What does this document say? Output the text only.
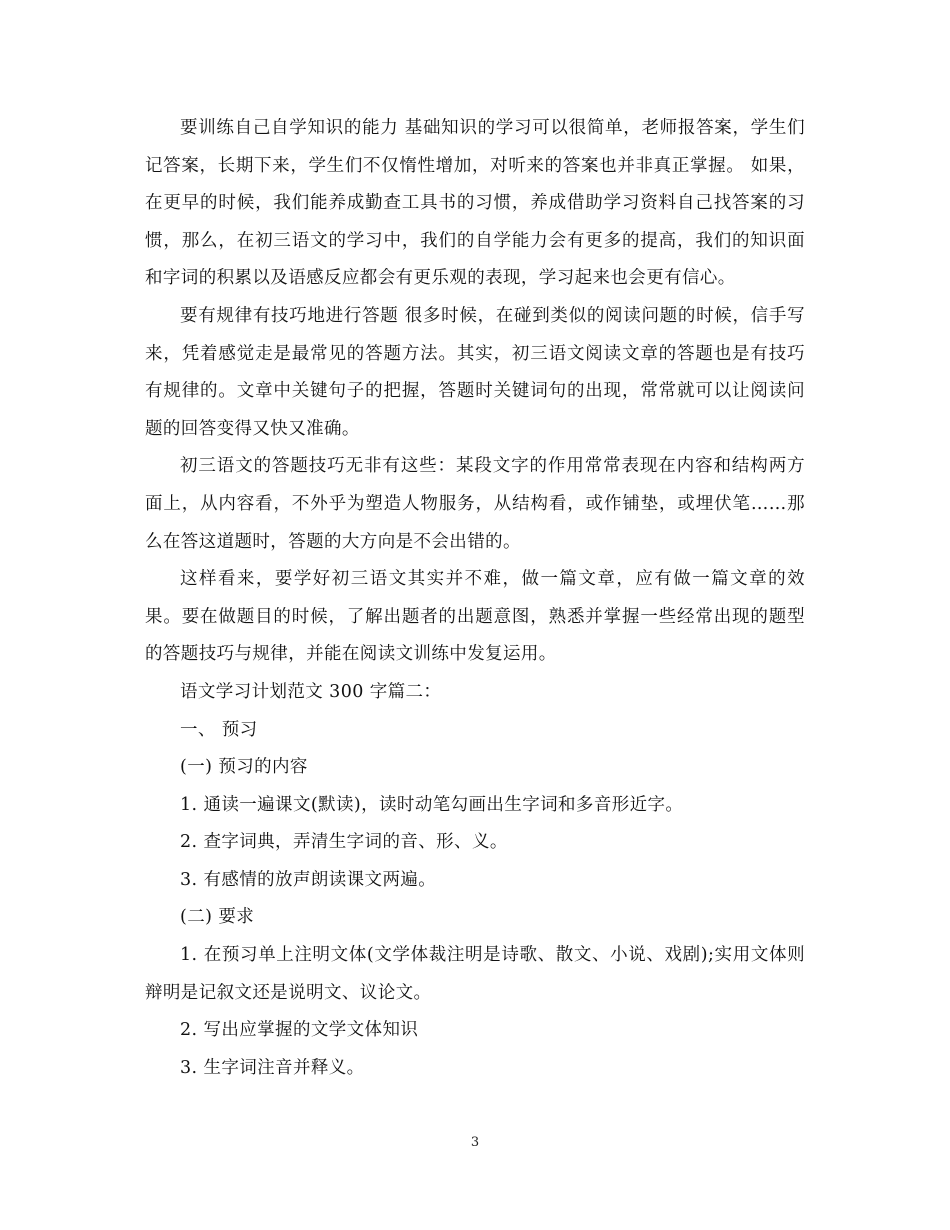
要训练自己自学知识的能力 基础知识的学习可以很简单，老师报答案，学生们记答案，长期下来，学生们不仅惰性增加，对听来的答案也并非真正掌握。 如果，在更早的时候，我们能养成勤查工具书的习惯，养成借助学习资料自己找答案的习惯，那么，在初三语文的学习中，我们的自学能力会有更多的提高，我们的知识面和字词的积累以及语感反应都会有更乐观的表现，学习起来也会更有信心。

要有规律有技巧地进行答题 很多时候，在碰到类似的阅读问题的时候，信手写来，凭着感觉走是最常见的答题方法。其实，初三语文阅读文章的答题也是有技巧有规律的。文章中关键句子的把握，答题时关键词句的出现，常常就可以让阅读问题的回答变得又快又准确。

初三语文的答题技巧无非有这些：某段文字的作用常常表现在内容和结构两方面上，从内容看，不外乎为塑造人物服务，从结构看，或作铺垫，或埋伏笔……那么在答这道题时，答题的大方向是不会出错的。

这样看来，要学好初三语文其实并不难，做一篇文章，应有做一篇文章的效果。要在做题目的时候，了解出题者的出题意图，熟悉并掌握一些经常出现的题型的答题技巧与规律，并能在阅读文训练中发复运用。

语文学习计划范文 300 字篇二：

一、 预习

(一) 预习的内容

1. 通读一遍课文(默读)，读时动笔勾画出生字词和多音形近字。

2. 查字词典，弄清生字词的音、形、义。

3. 有感情的放声朗读课文两遍。

(二) 要求

1. 在预习单上注明文体(文学体裁注明是诗歌、散文、小说、戏剧);实用文体则辩明是记叙文还是说明文、议论文。

2. 写出应掌握的文学文体知识

3. 生字词注音并释义。

3
